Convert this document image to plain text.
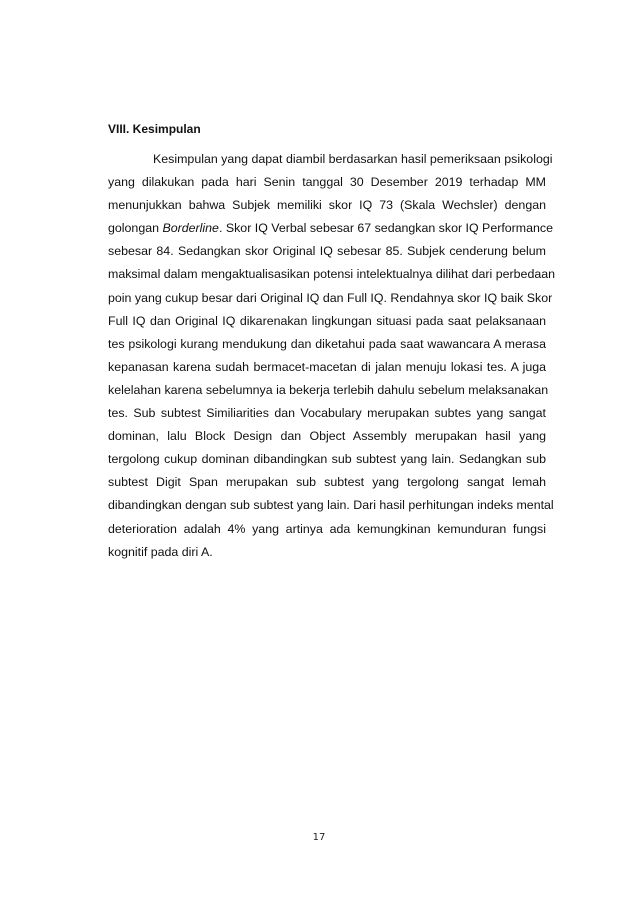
VIII. Kesimpulan
Kesimpulan yang dapat diambil berdasarkan hasil pemeriksaan psikologi
yang dilakukan pada hari Senin tanggal 30 Desember 2019 terhadap MM
menunjukkan bahwa Subjek memiliki skor IQ 73 (Skala Wechsler) dengan
golongan Borderline. Skor IQ Verbal sebesar 67 sedangkan skor IQ Performance
sebesar 84. Sedangkan skor Original IQ sebesar 85. Subjek cenderung belum
maksimal dalam mengaktualisasikan potensi intelektualnya dilihat dari perbedaan
poin yang cukup besar dari Original IQ dan Full IQ. Rendahnya skor IQ baik Skor
Full IQ dan Original IQ dikarenakan lingkungan situasi pada saat pelaksanaan
tes psikologi kurang mendukung dan diketahui pada saat wawancara A merasa
kepanasan karena sudah bermacet-macetan di jalan menuju lokasi tes. A juga
kelelahan karena sebelumnya ia bekerja terlebih dahulu sebelum melaksanakan
tes. Sub subtest Similiarities dan Vocabulary merupakan subtes yang sangat
dominan, lalu Block Design dan Object Assembly merupakan hasil yang
tergolong cukup dominan dibandingkan sub subtest yang lain. Sedangkan sub
subtest Digit Span merupakan sub subtest yang tergolong sangat lemah
dibandingkan dengan sub subtest yang lain. Dari hasil perhitungan indeks mental
deterioration adalah 4% yang artinya ada kemungkinan kemunduran fungsi
kognitif pada diri A.
17
